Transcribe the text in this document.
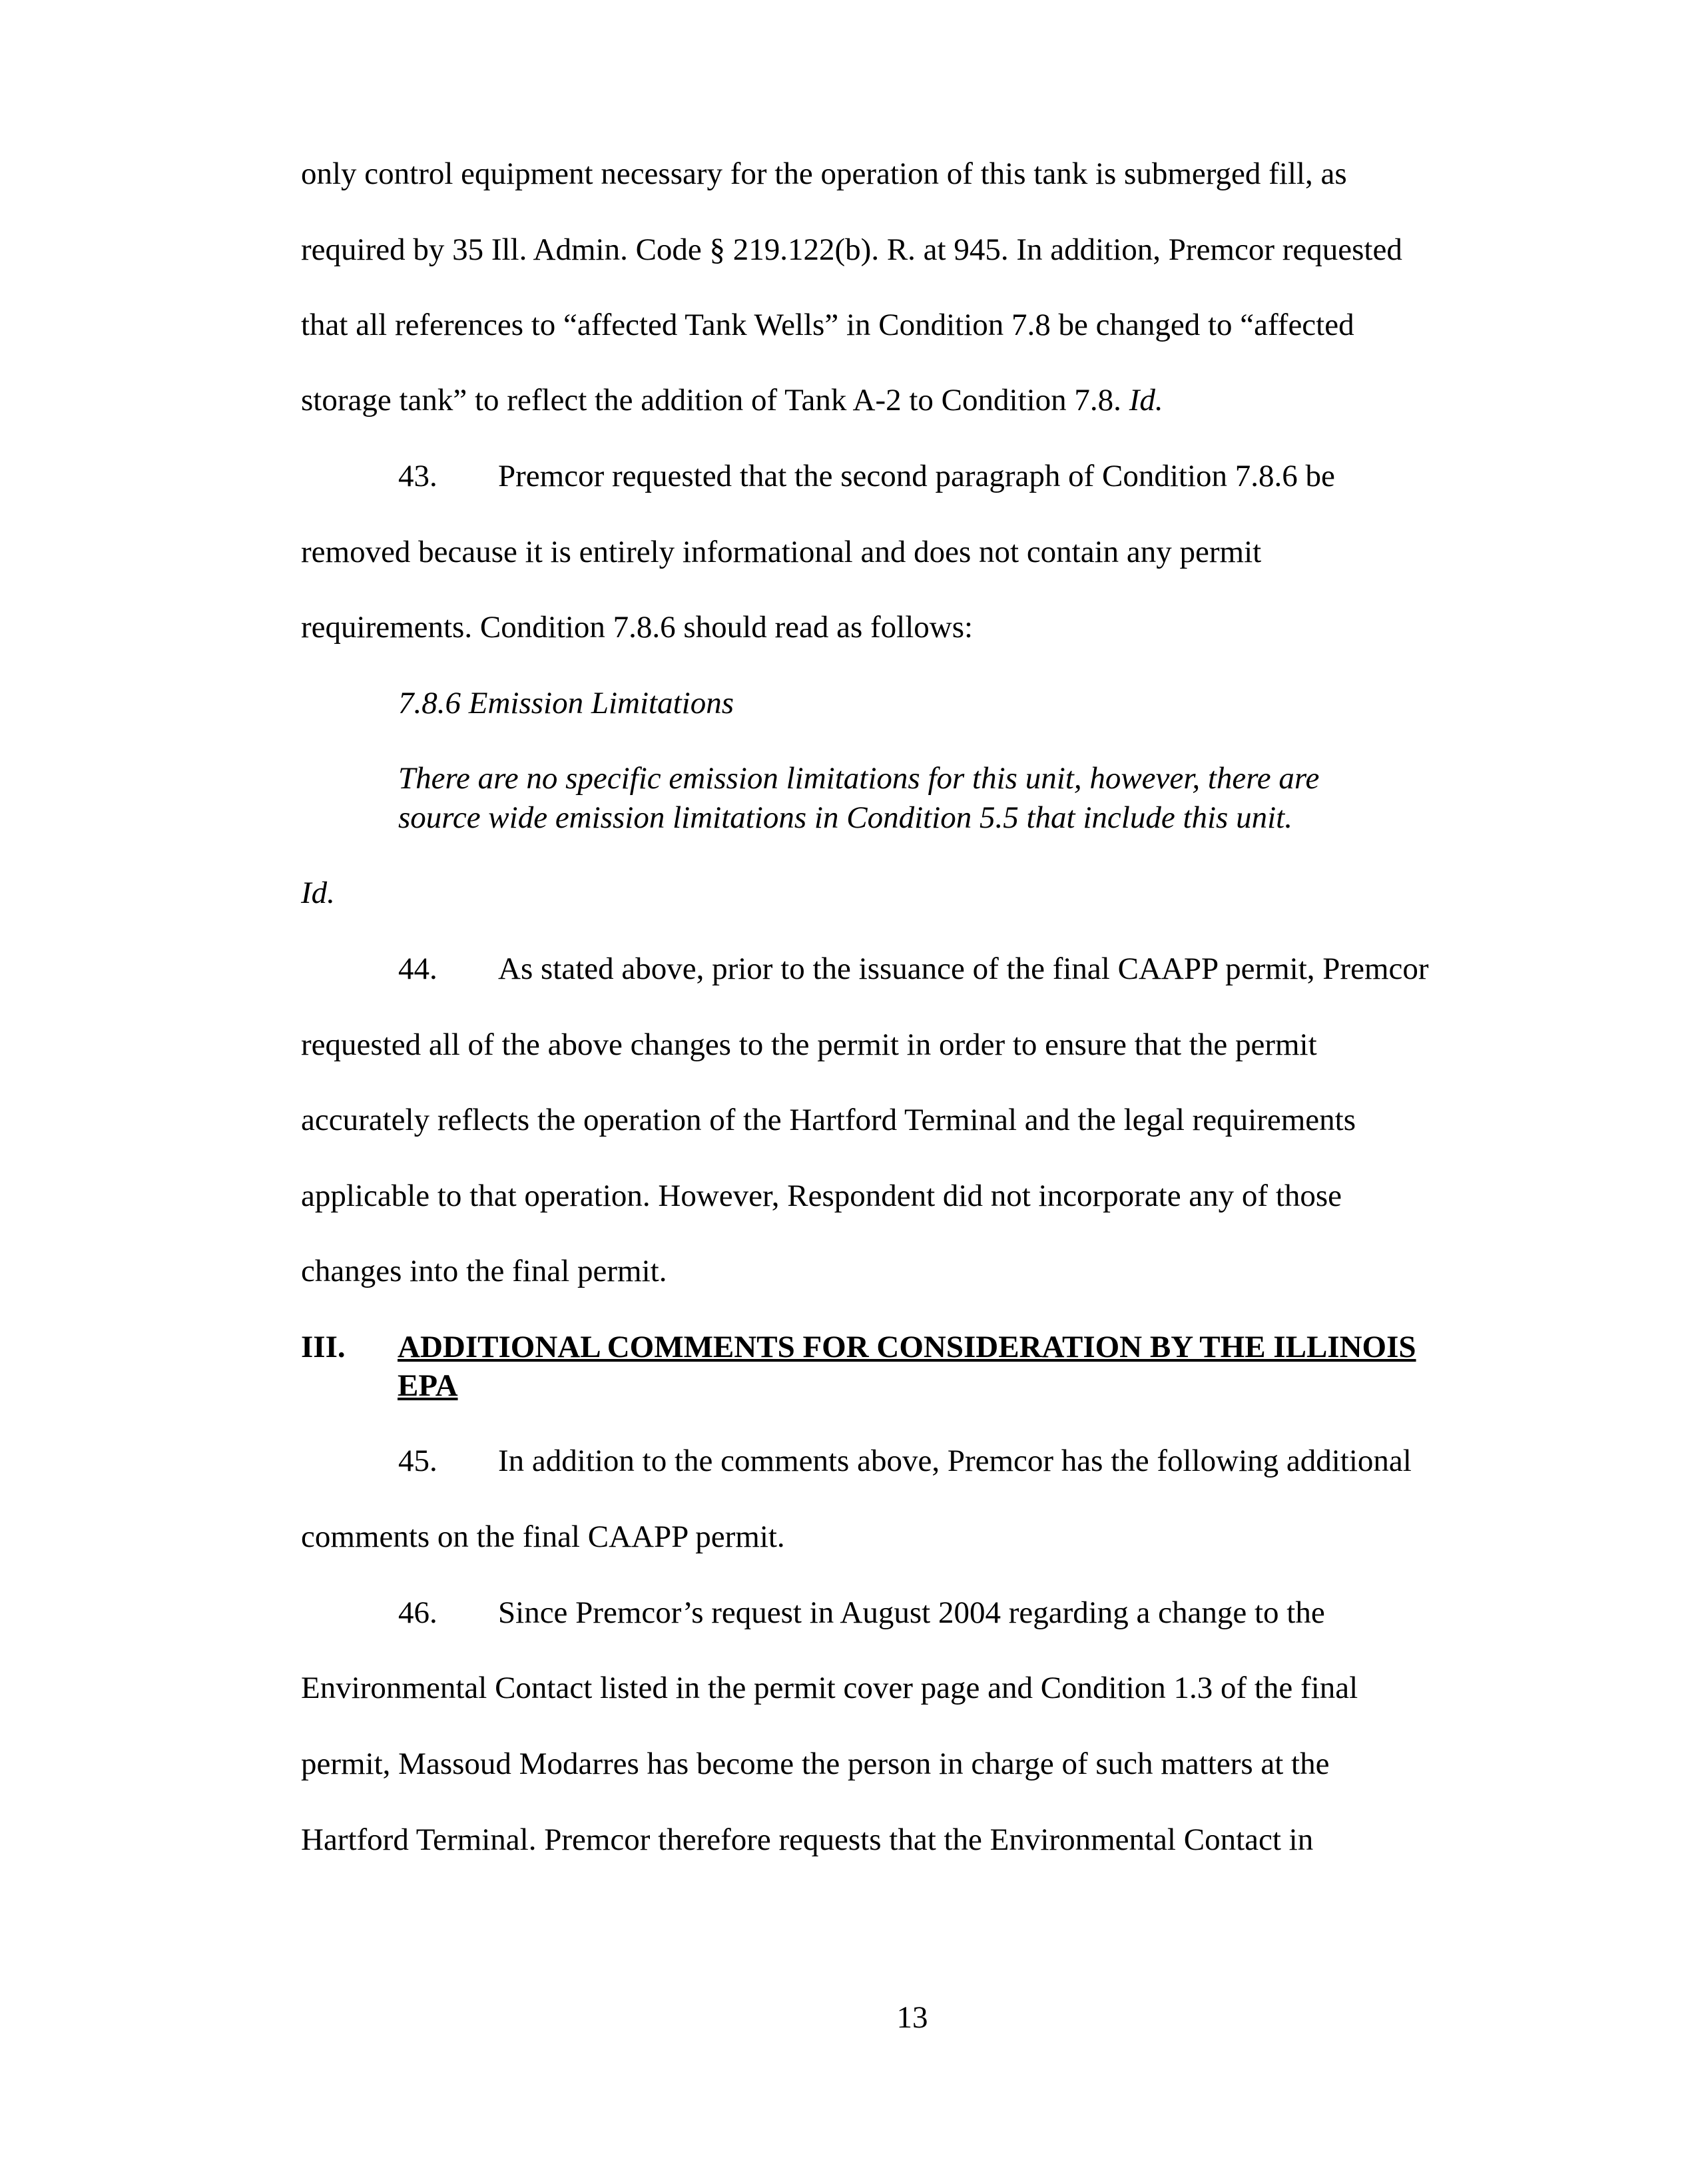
only control equipment necessary for the operation of this tank is submerged fill, as
required by 35 Ill. Admin. Code § 219.122(b). R. at 945. In addition, Premcor requested
that all references to “affected Tank Wells” in Condition 7.8 be changed to “affected
storage tank” to reflect the addition of Tank A-2 to Condition 7.8. Id.
43. Premcor requested that the second paragraph of Condition 7.8.6 be
removed because it is entirely informational and does not contain any permit
requirements. Condition 7.8.6 should read as follows:
7.8.6 Emission Limitations
There are no specific emission limitations for this unit, however, there are
source wide emission limitations in Condition 5.5 that include this unit.
Id.
44. As stated above, prior to the issuance of the final CAAPP permit, Premcor
requested all of the above changes to the permit in order to ensure that the permit
accurately reflects the operation of the Hartford Terminal and the legal requirements
applicable to that operation. However, Respondent did not incorporate any of those
changes into the final permit.
III. ADDITIONAL COMMENTS FOR CONSIDERATION BY THE ILLINOIS
EPA
45. In addition to the comments above, Premcor has the following additional
comments on the final CAAPP permit.
46. Since Premcor’s request in August 2004 regarding a change to the
Environmental Contact listed in the permit cover page and Condition 1.3 of the final
permit, Massoud Modarres has become the person in charge of such matters at the
Hartford Terminal. Premcor therefore requests that the Environmental Contact in
13
